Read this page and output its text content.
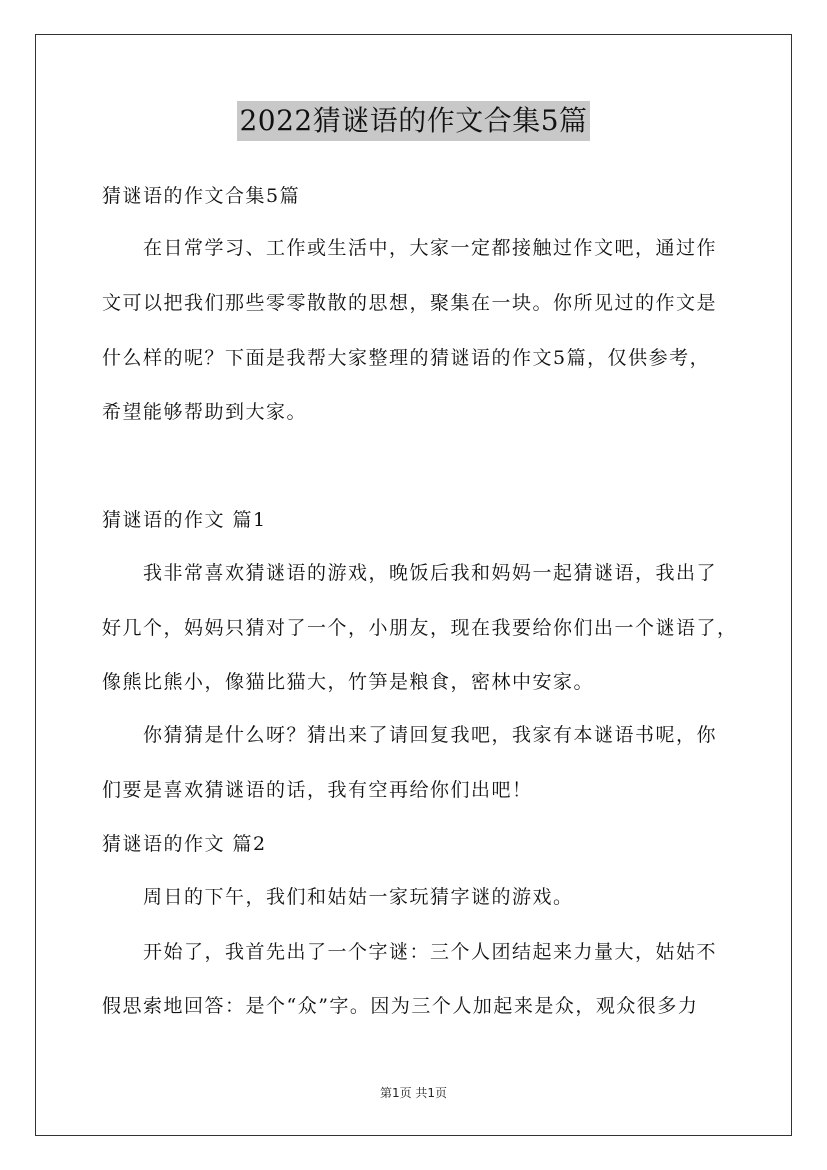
2022猜谜语的作文合集5篇
猜谜语的作文合集5篇
在日常学习、工作或生活中，大家一定都接触过作文吧，通过作
文可以把我们那些零零散散的思想，聚集在一块。你所见过的作文是
什么样的呢？下面是我帮大家整理的猜谜语的作文5篇，仅供参考，
希望能够帮助到大家。
猜谜语的作文 篇1
我非常喜欢猜谜语的游戏，晚饭后我和妈妈一起猜谜语，我出了
好几个，妈妈只猜对了一个，小朋友，现在我要给你们出一个谜语了，
像熊比熊小，像猫比猫大，竹笋是粮食，密林中安家。
你猜猜是什么呀？猜出来了请回复我吧，我家有本谜语书呢，你
们要是喜欢猜谜语的话，我有空再给你们出吧！
猜谜语的作文 篇2
周日的下午，我们和姑姑一家玩猜字谜的游戏。
开始了，我首先出了一个字谜：三个人团结起来力量大，姑姑不
假思索地回答：是个“众”字。因为三个人加起来是众，观众很多力
第1页 共1页
